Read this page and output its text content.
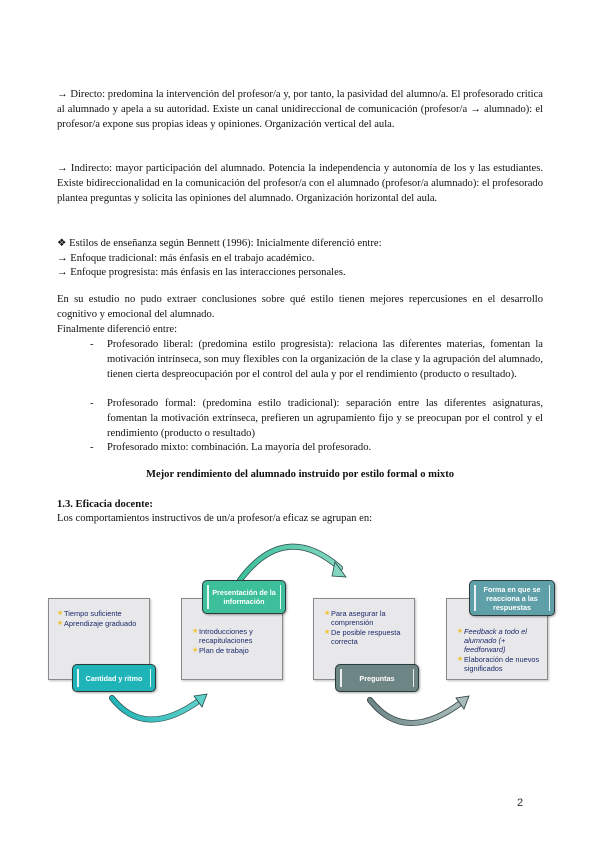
→ Directo: predomina la intervención del profesor/a y, por tanto, la pasividad del alumno/a. El profesorado critica al alumnado y apela a su autoridad. Existe un canal unidireccional de comunicación (profesor/a → alumnado): el profesor/a expone sus propias ideas y opiniones. Organización vertical del aula.

→ Indirecto: mayor participación del alumnado. Potencia la independencia y autonomía de los y las estudiantes. Existe bidireccionalidad en la comunicación del profesor/a con el alumnado (profesor/a alumnado): el profesorado plantea preguntas y solicita las opiniones del alumnado. Organización horizontal del aula.

❖ Estilos de enseñanza según Bennett (1996): Inicialmente diferenció entre:

→ Enfoque tradicional: más énfasis en el trabajo académico.

→ Enfoque progresista: más énfasis en las interacciones personales.

En su estudio no pudo extraer conclusiones sobre qué estilo tienen mejores repercusiones en el desarrollo cognitivo y emocional del alumnado.

Finalmente diferenció entre:

- Profesorado liberal: (predomina estilo progresista): relaciona las diferentes materias, fomentan la motivación intrínseca, son muy flexibles con la organización de la clase y la agrupación del alumnado, tienen cierta despreocupación por el control del aula y por el rendimiento (producto o resultado).

- Profesorado formal: (predomina estilo tradicional): separación entre las diferentes asignaturas, fomentan la motivación extrínseca, prefieren un agrupamiento fijo y se preocupan por el control y el rendimiento (producto o resultado)

- Profesorado mixto: combinación. La mayoría del profesorado.

Mejor rendimiento del alumnado instruido por estilo formal o mixto
1.3. Eficacia docente:

Los comportamientos instructivos de un/a profesor/a eficaz se agrupan en:

★ Tiempo suficiente
★ Aprendizaje graduado
Cantidad y ritmo
★ Introducciones y recapitulaciones
★ Plan de trabajo
Presentación de la información
★ Para asegurar la comprensión
★ De posible respuesta correcta
Preguntas
★ Feedback a todo el alumnado (+ feedforward)
★ Elaboración de nuevos significados
Forma en que se reacciona a las respuestas
2
